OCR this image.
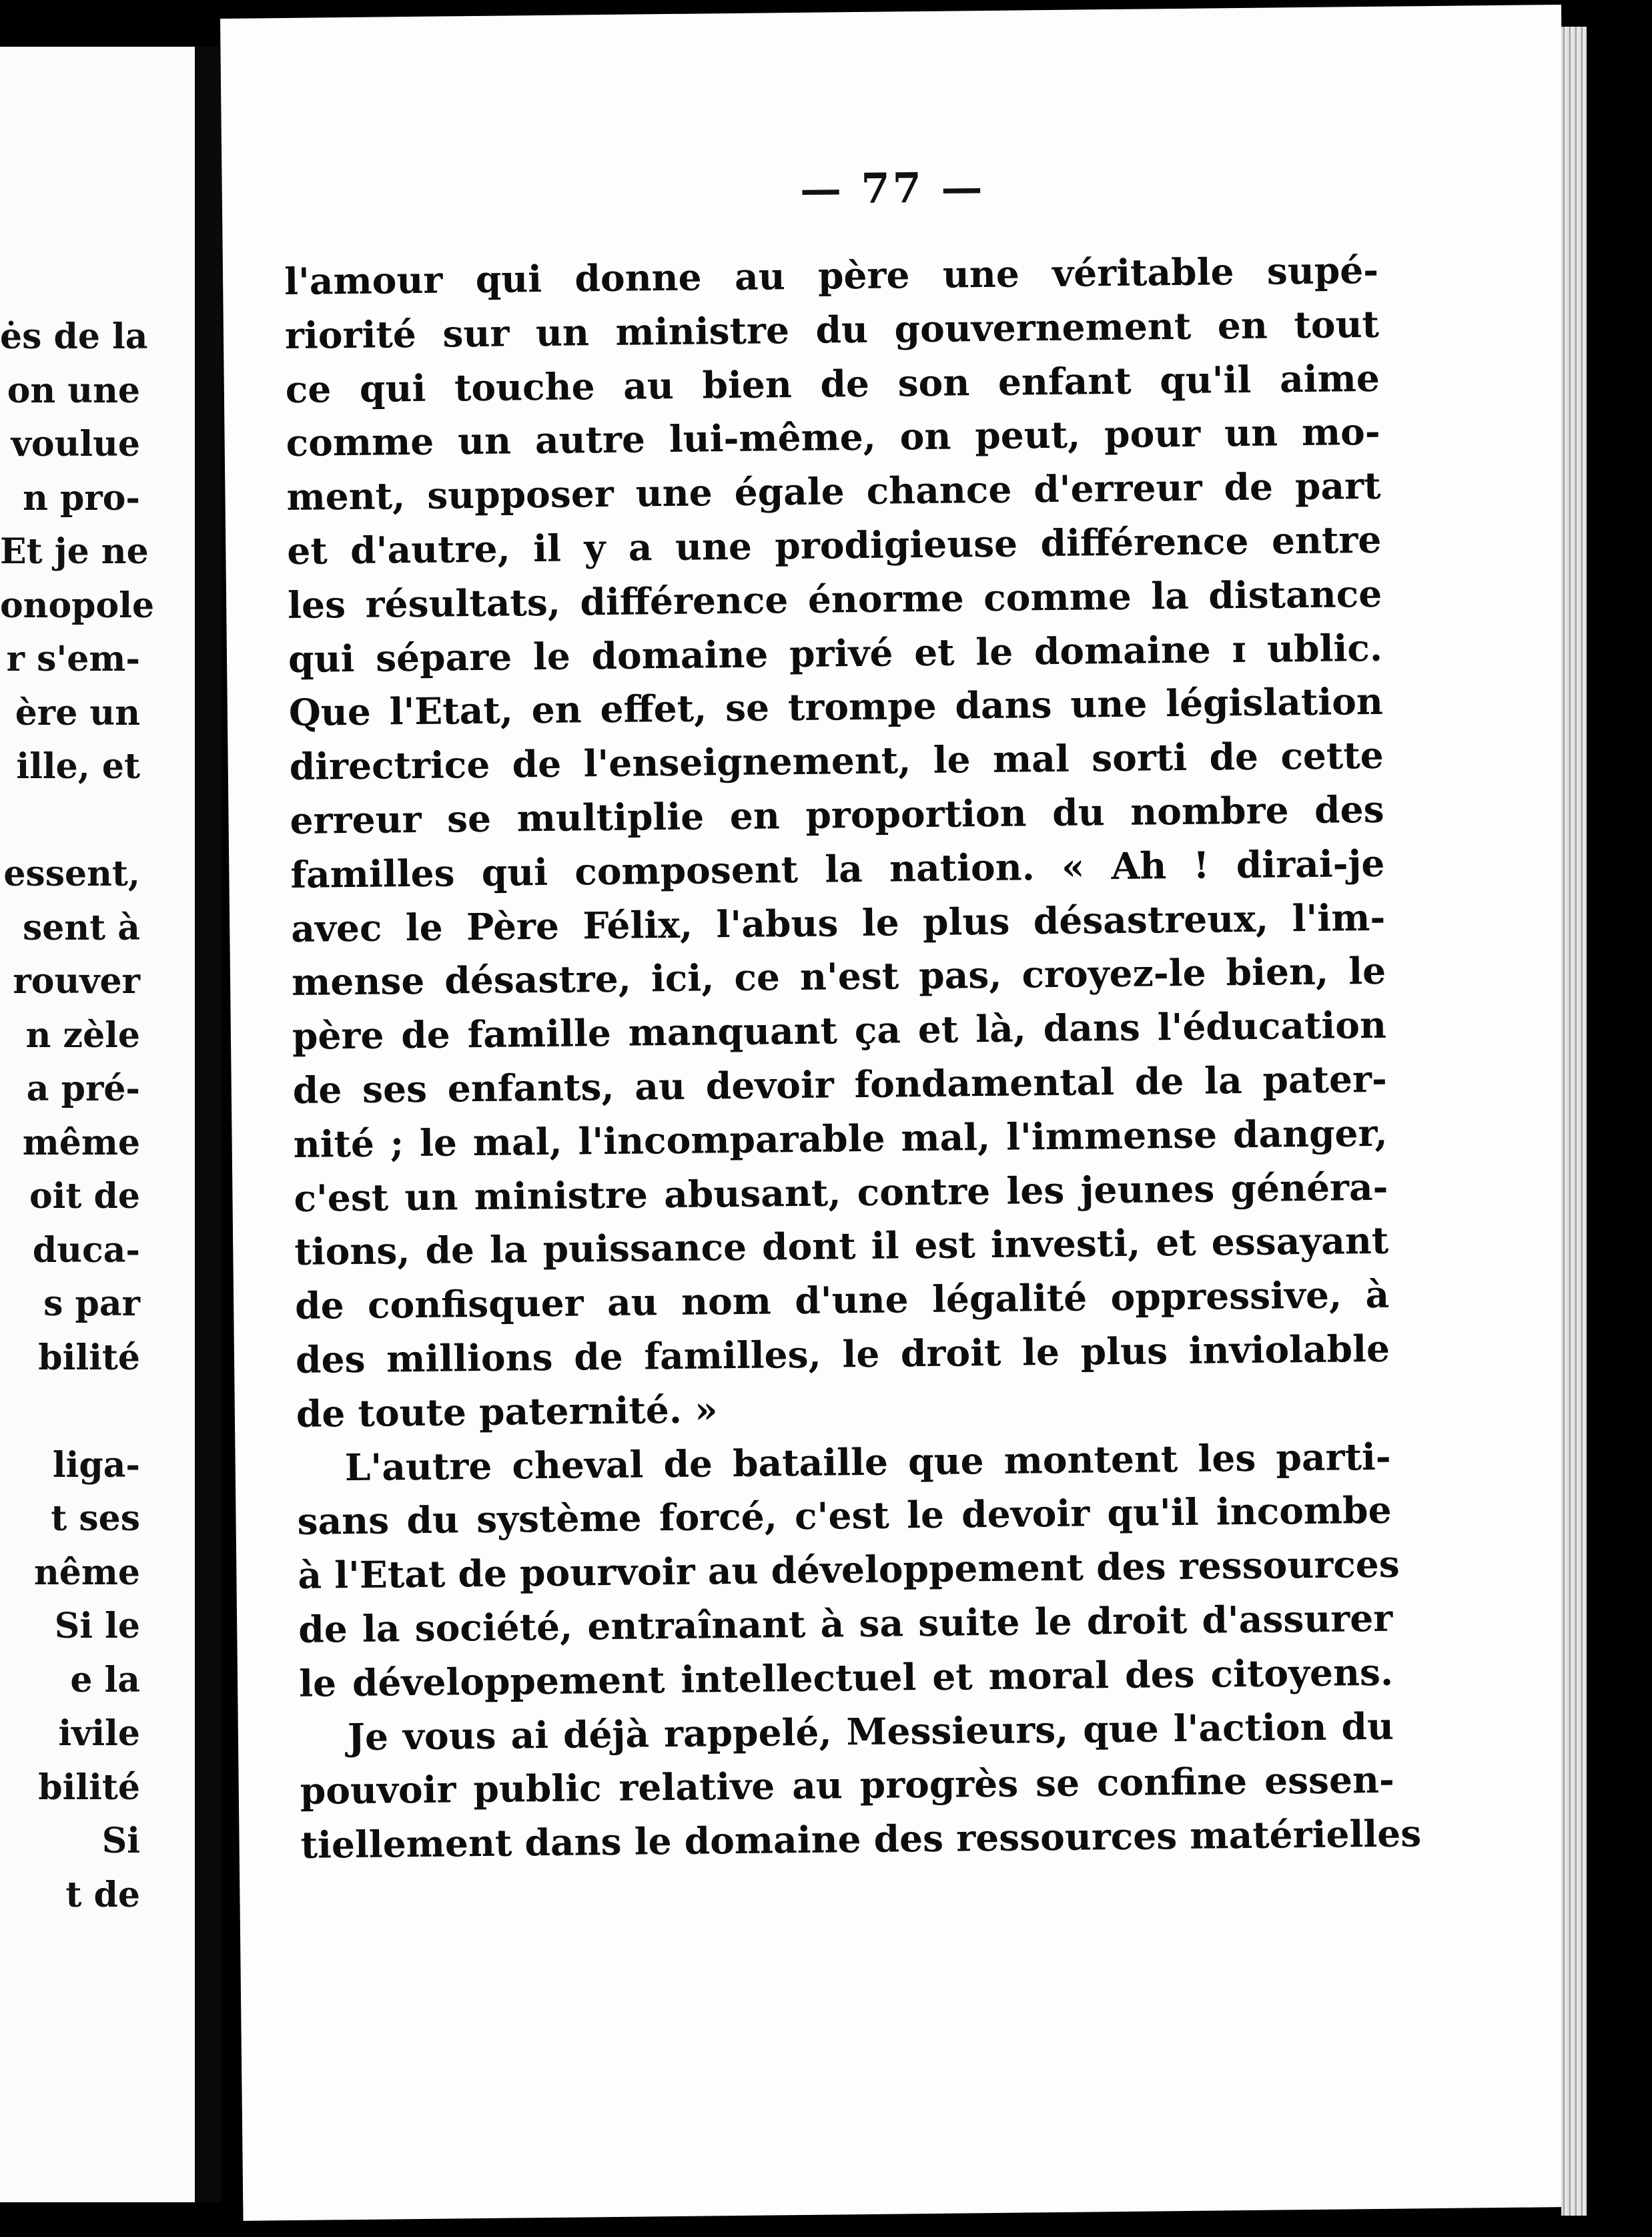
ės de la
on une
voulue
n pro-
Et je ne
onopole
r s'em-
ère un
ille, et
essent,
sent à
rouver
n zèle
a pré-
même
oit de
duca-
s par
bilité
liga-
t ses
nême
Si le
e la
ivile
bilité
Si
t de
— 77 —
l'amour qui donne au père une véritable supé-
riorité sur un ministre du gouvernement en tout
ce qui touche au bien de son enfant qu'il aime
comme un autre lui-même, on peut, pour un mo-
ment, supposer une égale chance d'erreur de part
et d'autre, il y a une prodigieuse différence entre
les résultats, différence énorme comme la distance
qui sépare le domaine privé et le domaine ɪ ublic.
Que l'Etat, en effet, se trompe dans une législation
directrice de l'enseignement, le mal sorti de cette
erreur se multiplie en proportion du nombre des
familles qui composent la nation. « Ah ! dirai-je
avec le Père Félix, l'abus le plus désastreux, l'im-
mense désastre, ici, ce n'est pas, croyez-le bien, le
père de famille manquant ça et là, dans l'éducation
de ses enfants, au devoir fondamental de la pater-
nité ; le mal, l'incomparable mal, l'immense danger,
c'est un ministre abusant, contre les jeunes généra-
tions, de la puissance dont il est investi, et essayant
de confisquer au nom d'une légalité oppressive, à
des millions de familles, le droit le plus inviolable
de toute paternité. »
L'autre cheval de bataille que montent les parti-
sans du système forcé, c'est le devoir qu'il incombe
à l'Etat de pourvoir au développement des ressources
de la société, entraînant à sa suite le droit d'assurer
le développement intellectuel et moral des citoyens.
Je vous ai déjà rappelé, Messieurs, que l'action du
pouvoir public relative au progrès se confine essen-
tiellement dans le domaine des ressources matérielles
